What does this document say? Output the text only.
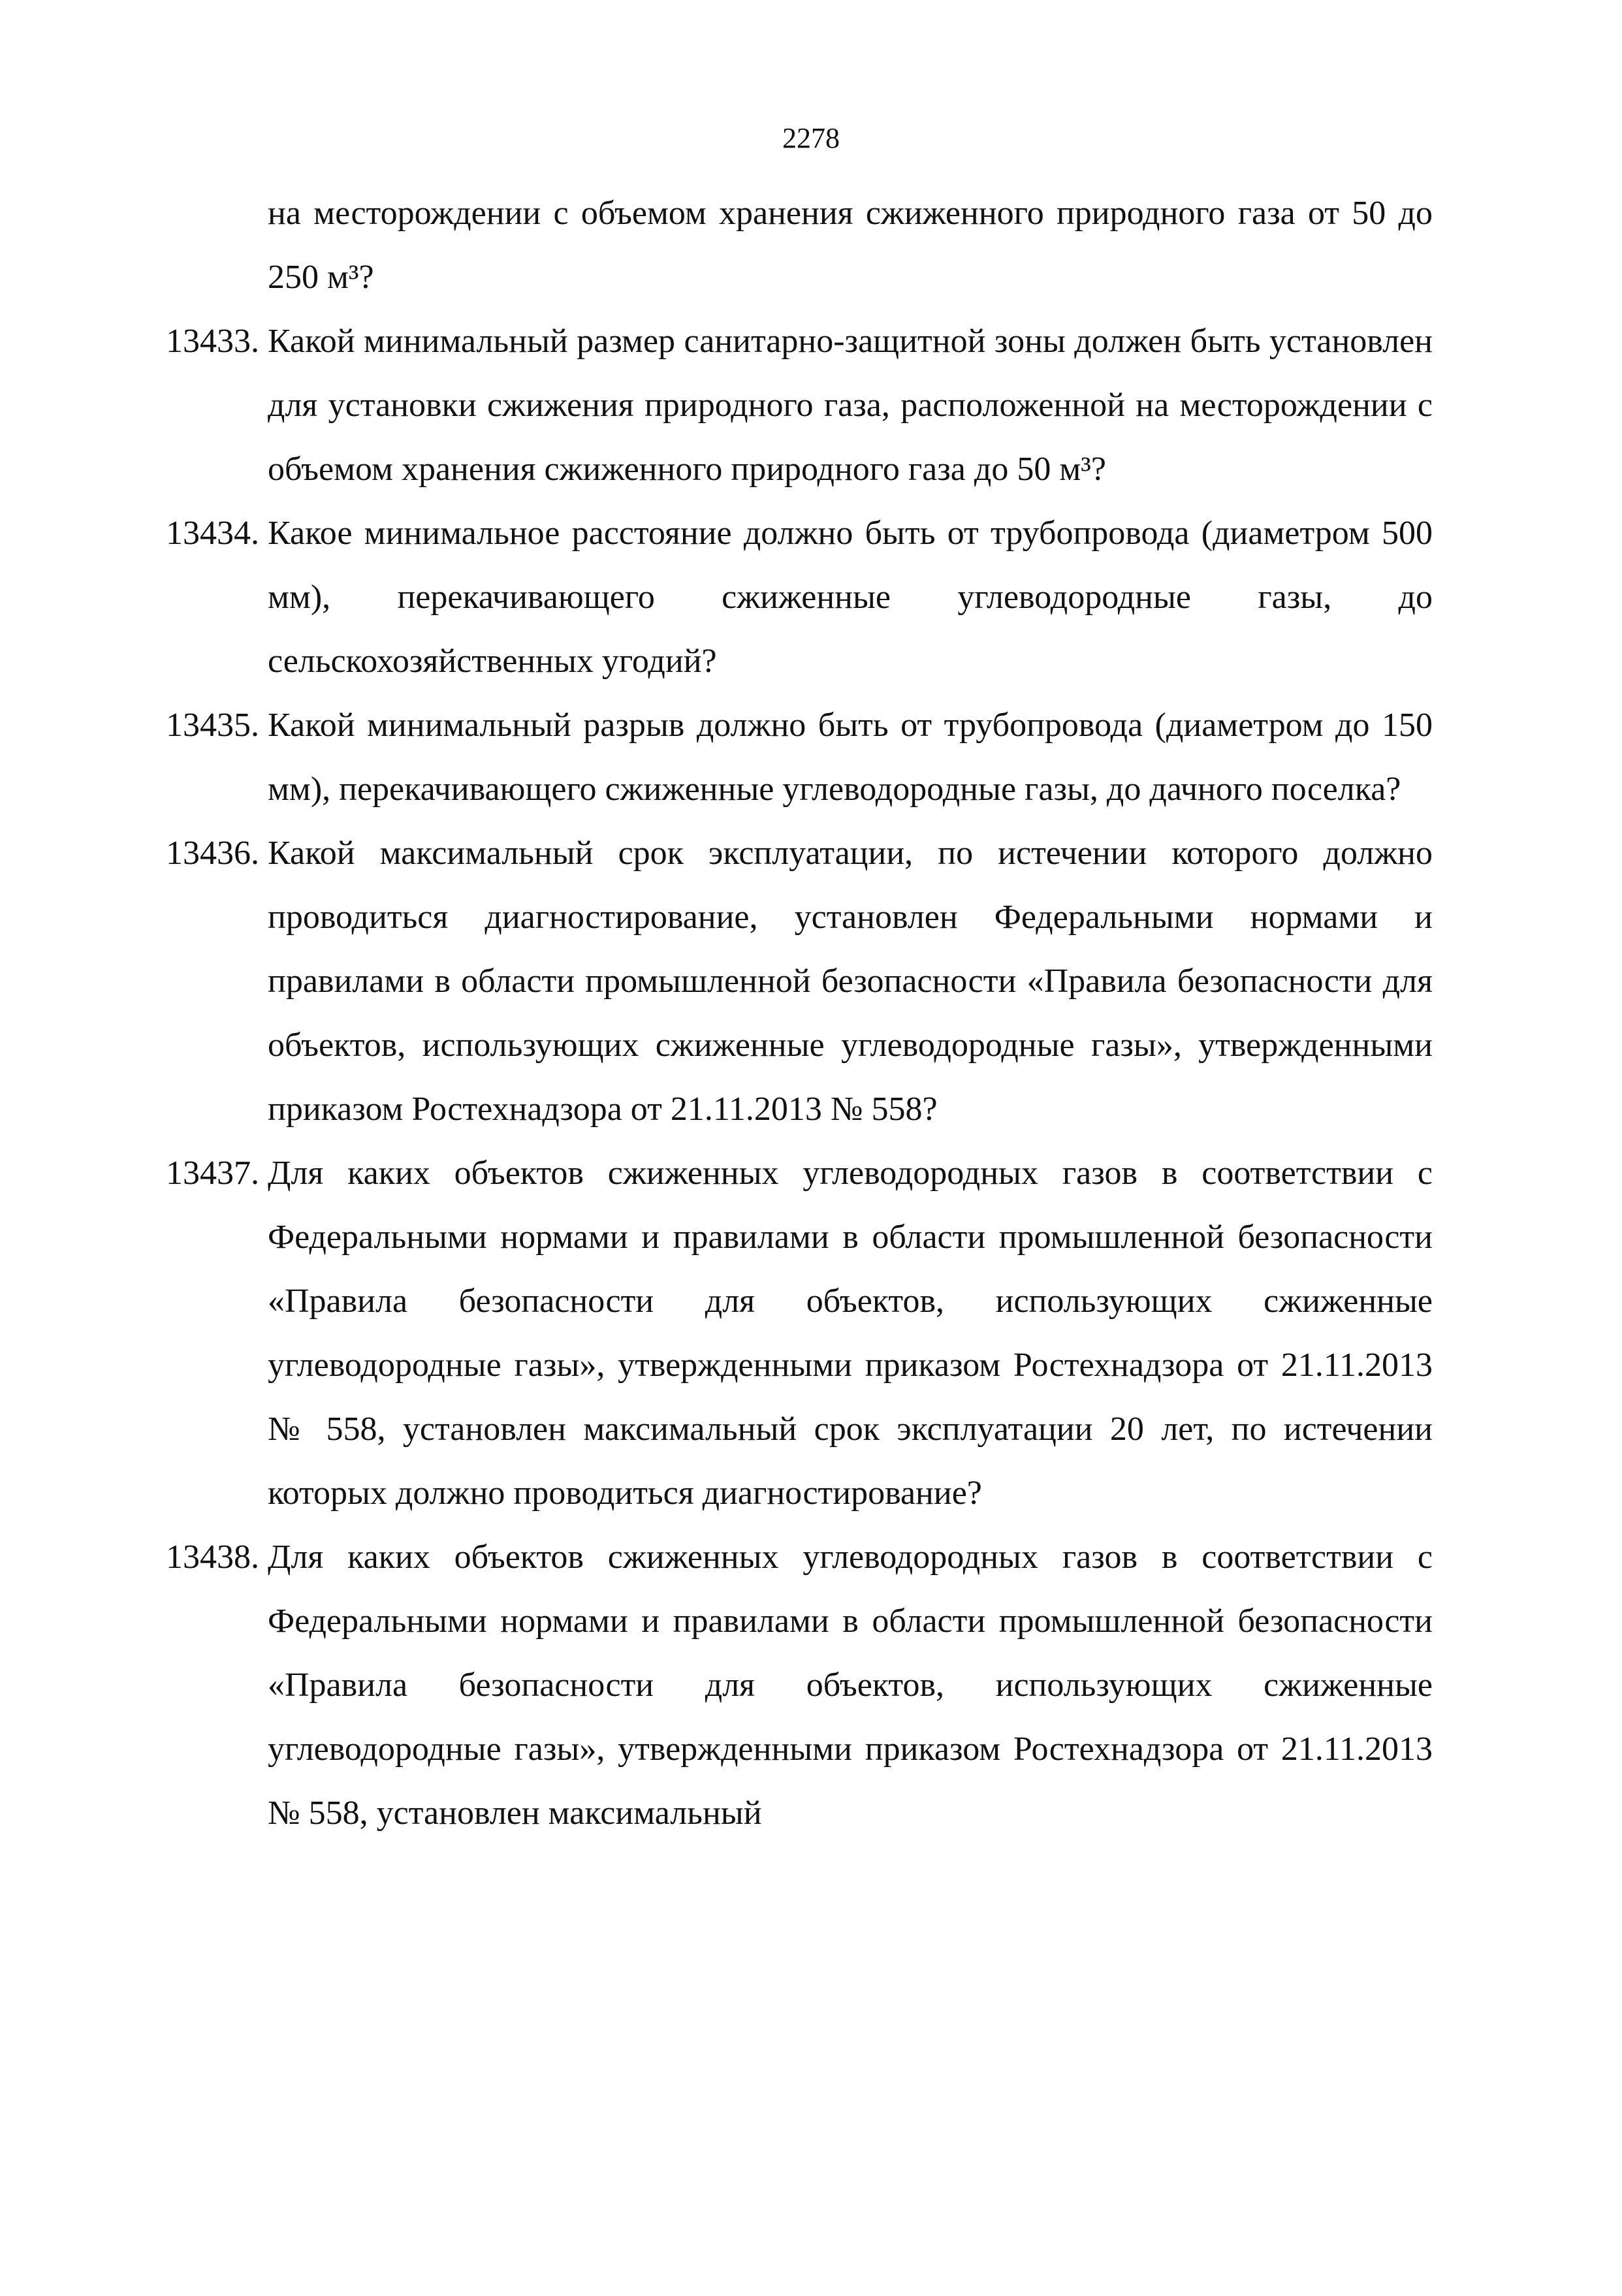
2278
на месторождении с объемом хранения сжиженного природного газа от 50 до 250 м³?
13433. Какой минимальный размер санитарно-защитной зоны должен быть установлен для установки сжижения природного газа, расположенной на месторождении с объемом хранения сжиженного природного газа до 50 м³?
13434. Какое минимальное расстояние должно быть от трубопровода (диаметром 500 мм), перекачивающего сжиженные углеводородные газы, до сельскохозяйственных угодий?
13435. Какой минимальный разрыв должно быть от трубопровода (диаметром до 150 мм), перекачивающего сжиженные углеводородные газы, до дачного поселка?
13436. Какой максимальный срок эксплуатации, по истечении которого должно проводиться диагностирование, установлен Федеральными нормами и правилами в области промышленной безопасности «Правила безопасности для объектов, использующих сжиженные углеводородные газы», утвержденными приказом Ростехнадзора от 21.11.2013 № 558?
13437. Для каких объектов сжиженных углеводородных газов в соответствии с Федеральными нормами и правилами в области промышленной безопасности «Правила безопасности для объектов, использующих сжиженные углеводородные газы», утвержденными приказом Ростехнадзора от 21.11.2013 № 558, установлен максимальный срок эксплуатации 20 лет, по истечении которых должно проводиться диагностирование?
13438. Для каких объектов сжиженных углеводородных газов в соответствии с Федеральными нормами и правилами в области промышленной безопасности «Правила безопасности для объектов, использующих сжиженные углеводородные газы», утвержденными приказом Ростехнадзора от 21.11.2013 № 558, установлен максимальный
